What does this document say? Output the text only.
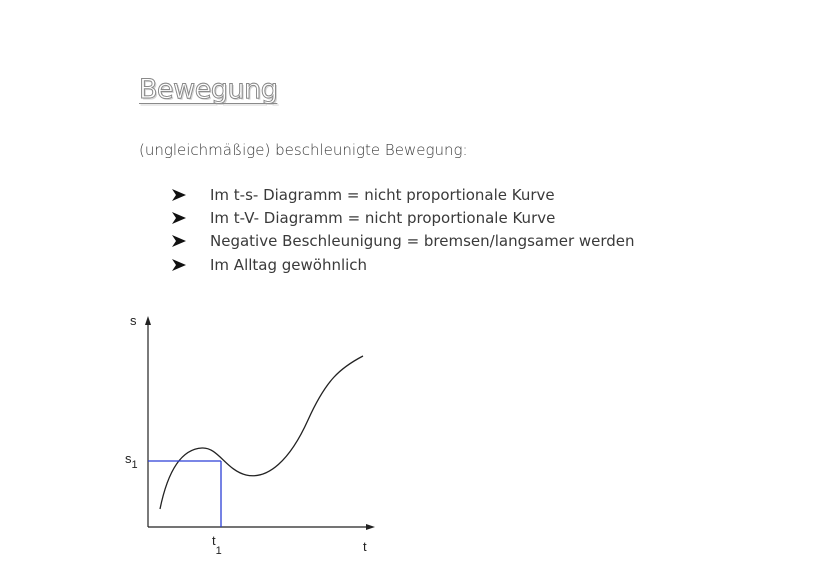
Bewegung
(ungleichmäßige) beschleunigte Bewegung:
Im t-s- Diagramm = nicht proportionale Kurve
Im t-V- Diagramm = nicht proportionale Kurve
Negative Beschleunigung = bremsen/langsamer werden
Im Alltag gewöhnlich
s
t
$s_1$
$t_1$
